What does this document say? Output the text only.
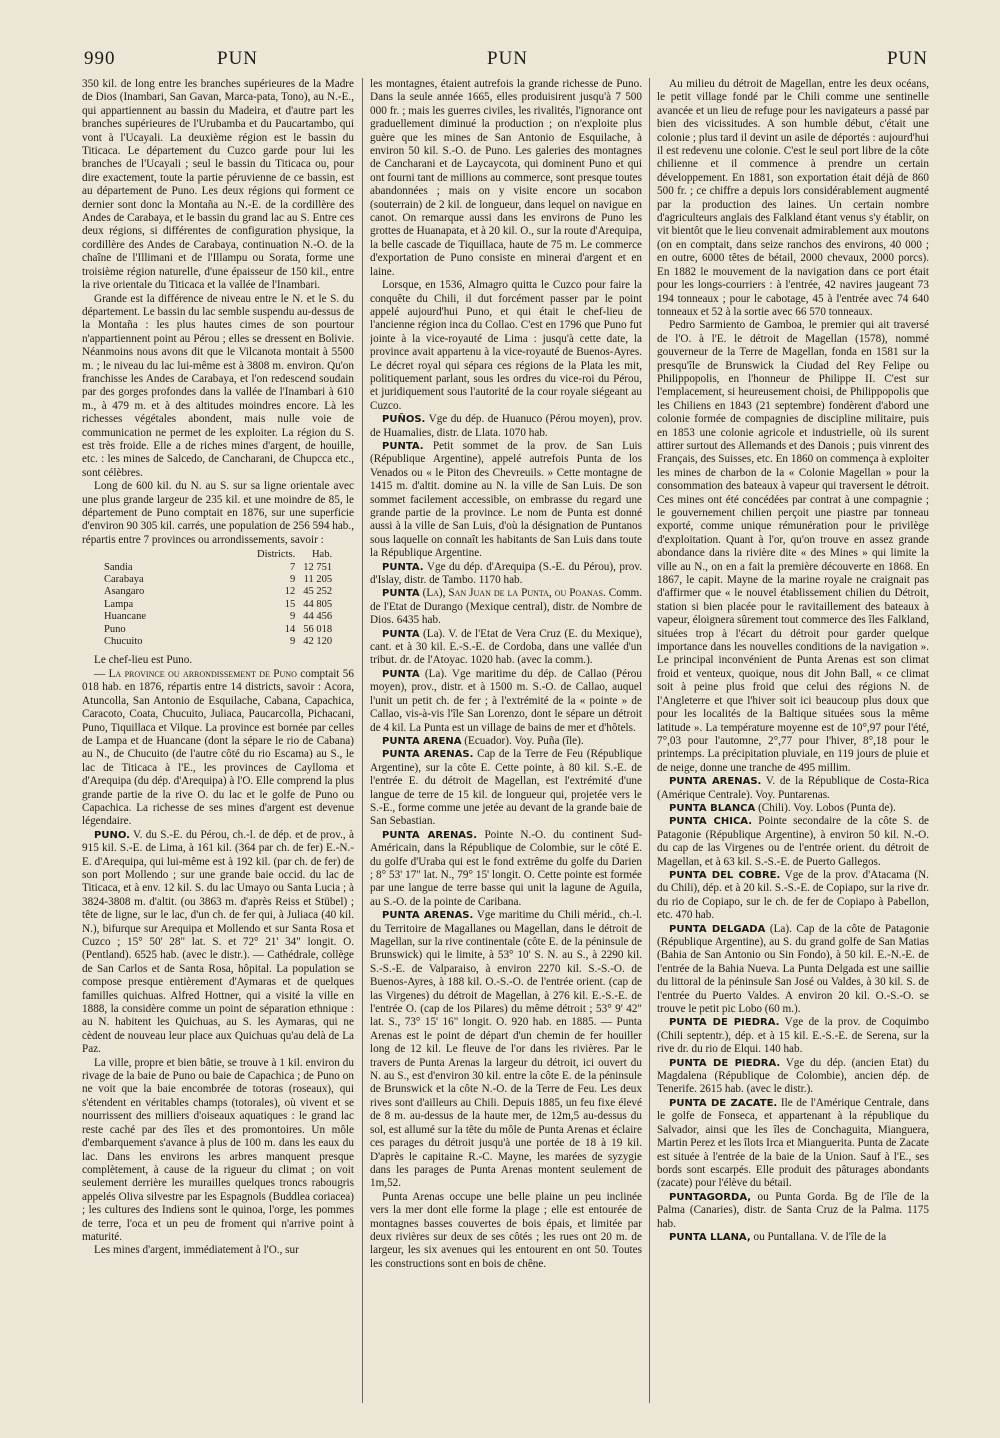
990	PUN	PUN	PUN

350 kil. de long entre les branches supérieures de la Madre de Dios (Inambari, San Gavan, Marca-pata, Tono), au N.-E., qui appartiennent au bassin du Madeira, et d'autre part les branches supérieures de l'Urubamba et du Paucartambo, qui vont à l'Ucayali. La deuxième région est le bassin du Titicaca. Le département du Cuzco garde pour lui les branches de l'Ucayali ; seul le bassin du Titicaca ou, pour dire exactement, toute la partie péruvienne de ce bassin, est au département de Puno. Les deux régions qui forment ce dernier sont donc la Montaña au N.-E. de la cordillère des Andes de Carabaya, et le bassin du grand lac au S. Entre ces deux régions, si différentes de configuration physique, la cordillère des Andes de Carabaya, continuation N.-O. de la chaîne de l'Illimani et de l'Illampu ou Sorata, forme une troisième région naturelle, d'une épaisseur de 150 kil., entre la rive orientale du Titicaca et la vallée de l'Inambari.

Grande est la différence de niveau entre le N. et le S. du département. Le bassin du lac semble suspendu au-dessus de la Montaña : les plus hautes cimes de son pourtour n'appartiennent point au Pérou ; elles se dressent en Bolivie. Néanmoins nous avons dit que le Vilcanota montait à 5500 m. ; le niveau du lac lui-même est à 3808 m. environ. Qu'on franchisse les Andes de Carabaya, et l'on redescend soudain par des gorges profondes dans la vallée de l'Inambari à 610 m., à 479 m. et à des altitudes moindres encore. Là les richesses végétales abondent, mais nulle voie de communication ne permet de les exploiter. La région du S. est très froide. Elle a de riches mines d'argent, de houille, etc. : les mines de Salcedo, de Cancharani, de Chupcca etc., sont célèbres.

Long de 600 kil. du N. au S. sur sa ligne orientale avec une plus grande largeur de 235 kil. et une moindre de 85, le département de Puno comptait en 1876, sur une superficie d'environ 90 305 kil. carrés, une population de 256 594 hab., répartis entre 7 provinces ou arrondissements, savoir :

	Districts.	Hab.
Sandia	7	12 751
Carabaya	9	11 205
Asangaro	12	45 252
Lampa	15	44 805
Huancane	9	44 456
Puno	14	56 018
Chucuito	9	42 120

Le chef-lieu est Puno.

— La province ou arrondissement de Puno comptait 56 018 hab. en 1876, répartis entre 14 districts, savoir : Acora, Atuncolla, San Antonio de Esquilache, Cabana, Capachica, Caracoto, Coata, Chucuito, Juliaca, Paucarcolla, Pichacani, Puno, Tiquillaca et Vilque. La province est bornée par celles de Lampa et de Huancane (dont la sépare le rio de Cabana) au N., de Chucuito (de l'autre côté du rio Escama) au S., le lac de Titicaca à l'E., les provinces de Caylloma et d'Arequipa (du dép. d'Arequipa) à l'O. Elle comprend la plus grande partie de la rive O. du lac et le golfe de Puno ou Capachica. La richesse de ses mines d'argent est devenue légendaire.

PUNO. V. du S.-E. du Pérou, ch.-l. de dép. et de prov., à 915 kil. S.-E. de Lima, à 161 kil. (364 par ch. de fer) E.-N.-E. d'Arequipa, qui lui-même est à 192 kil. (par ch. de fer) de son port Mollendo ; sur une grande baie occid. du lac de Titicaca, et à env. 12 kil. S. du lac Umayo ou Santa Lucia ; à 3824-3808 m. d'altit. (ou 3863 m. d'après Reiss et Stübel) ; tête de ligne, sur le lac, d'un ch. de fer qui, à Juliaca (40 kil. N.), bifurque sur Arequipa et Mollendo et sur Santa Rosa et Cuzco ; 15° 50' 28" lat. S. et 72° 21' 34" longit. O. (Pentland). 6525 hab. (avec le distr.). — Cathédrale, collège de San Carlos et de Santa Rosa, hôpital. La population se compose presque entièrement d'Aymaras et de quelques familles quichuas. Alfred Hottner, qui a visité la ville en 1888, la considère comme un point de séparation ethnique : au N. habitent les Quichuas, au S. les Aymaras, qui ne cèdent de nouveau leur place aux Quichuas qu'au delà de La Paz.

La ville, propre et bien bâtie, se trouve à 1 kil. environ du rivage de la baie de Puno ou baie de Capachica ; de Puno on ne voit que la baie encombrée de totoras (roseaux), qui s'étendent en véritables champs (totorales), où vivent et se nourrissent des milliers d'oiseaux aquatiques : le grand lac reste caché par des îles et des promontoires. Un môle d'embarquement s'avance à plus de 100 m. dans les eaux du lac. Dans les environs les arbres manquent presque complètement, à cause de la rigueur du climat ; on voit seulement derrière les murailles quelques troncs rabougris appelés Oliva silvestre par les Espagnols (Buddlea coriacea) ; les cultures des Indiens sont le quinoa, l'orge, les pommes de terre, l'oca et un peu de froment qui n'arrive point à maturité.

Les mines d'argent, immédiatement à l'O., sur

les montagnes, étaient autrefois la grande richesse de Puno. Dans la seule année 1665, elles produisirent jusqu'à 7 500 000 fr. ; mais les guerres civiles, les rivalités, l'ignorance ont graduellement diminué la production ; on n'exploite plus guère que les mines de San Antonio de Esquilache, à environ 50 kil. S.-O. de Puno. Les galeries des montagnes de Cancharani et de Laycaycota, qui dominent Puno et qui ont fourni tant de millions au commerce, sont presque toutes abandonnées ; mais on y visite encore un socabon (souterrain) de 2 kil. de longueur, dans lequel on navigue en canot. On remarque aussi dans les environs de Puno les grottes de Huanapata, et à 20 kil. O., sur la route d'Arequipa, la belle cascade de Tiquillaca, haute de 75 m. Le commerce d'exportation de Puno consiste en minerai d'argent et en laine.

Lorsque, en 1536, Almagro quitta le Cuzco pour faire la conquête du Chili, il dut forcément passer par le point appelé aujourd'hui Puno, et qui était le chef-lieu de l'ancienne région inca du Collao. C'est en 1796 que Puno fut jointe à la vice-royauté de Lima : jusqu'à cette date, la province avait appartenu à la vice-royauté de Buenos-Ayres. Le décret royal qui sépara ces régions de la Plata les mit, politiquement parlant, sous les ordres du vice-roi du Pérou, et juridiquement sous l'autorité de la cour royale siégeant au Cuzco.

PUÑOS. Vge du dép. de Huanuco (Pérou moyen), prov. de Huamalies, distr. de Llata. 1070 hab.

PUNTA. Petit sommet de la prov. de San Luis (République Argentine), appelé autrefois Punta de los Venados ou « le Piton des Chevreuils. » Cette montagne de 1415 m. d'altit. domine au N. la ville de San Luis. De son sommet facilement accessible, on embrasse du regard une grande partie de la province. Le nom de Punta est donné aussi à la ville de San Luis, d'où la désignation de Puntanos sous laquelle on connaît les habitants de San Luis dans toute la République Argentine.

PUNTA. Vge du dép. d'Arequipa (S.-E. du Pérou), prov. d'Islay, distr. de Tambo. 1170 hab.

PUNTA (La), San Juan de la Punta, ou Poanas. Comm. de l'Etat de Durango (Mexique central), distr. de Nombre de Dios. 6435 hab.

PUNTA (La). V. de l'Etat de Vera Cruz (E. du Mexique), cant. et à 30 kil. E.-S.-E. de Cordoba, dans une vallée d'un tribut. dr. de l'Atoyac. 1020 hab. (avec la comm.).

PUNTA (La). Vge maritime du dép. de Callao (Pérou moyen), prov., distr. et à 1500 m. S.-O. de Callao, auquel l'unit un petit ch. de fer ; à l'extrémité de la « pointe » de Callao, vis-à-vis l'île San Lorenzo, dont le sépare un détroit de 4 kil. La Punta est un village de bains de mer et d'hôtels.

PUNTA ARENA (Ecuador). Voy. Puña (île).

PUNTA ARENAS. Cap de la Terre de Feu (République Argentine), sur la côte E. Cette pointe, à 80 kil. S.-E. de l'entrée E. du détroit de Magellan, est l'extrémité d'une langue de terre de 15 kil. de longueur qui, projetée vers le S.-E., forme comme une jetée au devant de la grande baie de San Sebastian.

PUNTA ARENAS. Pointe N.-O. du continent Sud-Américain, dans la République de Colombie, sur le côté E. du golfe d'Uraba qui est le fond extrême du golfe du Darien ; 8° 53' 17" lat. N., 79° 15' longit. O. Cette pointe est formée par une langue de terre basse qui unit la lagune de Aguila, au S.-O. de la pointe de Caribana.

PUNTA ARENAS. Vge maritime du Chili mérid., ch.-l. du Territoire de Magallanes ou Magellan, dans le détroit de Magellan, sur la rive continentale (côte E. de la péninsule de Brunswick) qui le limite, à 53° 10' S. N. au S., à 2290 kil. S.-S.-E. de Valparaiso, à environ 2270 kil. S.-S.-O. de Buenos-Ayres, à 188 kil. O.-S.-O. de l'entrée orient. (cap de las Virgenes) du détroit de Magellan, à 276 kil. E.-S.-E. de l'entrée O. (cap de los Pilares) du même détroit ; 53° 9' 42" lat. S., 73° 15' 16" longit. O. 920 hab. en 1885. — Punta Arenas est le point de départ d'un chemin de fer houiller long de 12 kil. Le fleuve de l'or dans les rivières. Par le travers de Punta Arenas la largeur du détroit, ici ouvert du N. au S., est d'environ 30 kil. entre la côte E. de la péninsule de Brunswick et la côte N.-O. de la Terre de Feu. Les deux rives sont d'ailleurs au Chili. Depuis 1885, un feu fixe élevé de 8 m. au-dessus de la haute mer, de 12m,5 au-dessus du sol, est allumé sur la tête du môle de Punta Arenas et éclaire ces parages du détroit jusqu'à une portée de 18 à 19 kil. D'après le capitaine R.-C. Mayne, les marées de syzygie dans les parages de Punta Arenas montent seulement de 1m,52.

Punta Arenas occupe une belle plaine un peu inclinée vers la mer dont elle forme la plage ; elle est entourée de montagnes basses couvertes de bois épais, et limitée par deux rivières sur deux de ses côtés ; les rues ont 20 m. de largeur, les six avenues qui les entourent en ont 50. Toutes les constructions sont en bois de chêne.

Au milieu du détroit de Magellan, entre les deux océans, le petit village fondé par le Chili comme une sentinelle avancée et un lieu de refuge pour les navigateurs a passé par bien des vicissitudes. A son humble début, c'était une colonie ; plus tard il devint un asile de déportés : aujourd'hui il est redevenu une colonie. C'est le seul port libre de la côte chilienne et il commence à prendre un certain développement. En 1881, son exportation était déjà de 860 500 fr. ; ce chiffre a depuis lors considérablement augmenté par la production des laines. Un certain nombre d'agriculteurs anglais des Falkland étant venus s'y établir, on vit bientôt que le lieu convenait admirablement aux moutons (on en comptait, dans seize ranchos des environs, 40 000 ; en outre, 6000 têtes de bétail, 2000 chevaux, 2000 porcs). En 1882 le mouvement de la navigation dans ce port était pour les longs-courriers : à l'entrée, 42 navires jaugeant 73 194 tonneaux ; pour le cabotage, 45 à l'entrée avec 74 640 tonneaux et 52 à la sortie avec 66 570 tonneaux.

Pedro Sarmiento de Gamboa, le premier qui ait traversé de l'O. à l'E. le détroit de Magellan (1578), nommé gouverneur de la Terre de Magellan, fonda en 1581 sur la presqu'île de Brunswick la Ciudad del Rey Felipe ou Philippopolis, en l'honneur de Philippe II. C'est sur l'emplacement, si heureusement choisi, de Philippopolis que les Chiliens en 1843 (21 septembre) fondèrent d'abord une colonie formée de compagnies de discipline militaire, puis en 1853 une colonie agricole et industrielle, où ils surent attirer surtout des Allemands et des Danois ; puis vinrent des Français, des Suisses, etc. En 1860 on commença à exploiter les mines de charbon de la « Colonie Magellan » pour la consommation des bateaux à vapeur qui traversent le détroit. Ces mines ont été concédées par contrat à une compagnie ; le gouvernement chilien perçoit une piastre par tonneau exporté, comme unique rémunération pour le privilège d'exploitation. Quant à l'or, qu'on trouve en assez grande abondance dans la rivière dite « des Mines » qui limite la ville au N., on en a fait la première découverte en 1868. En 1867, le capit. Mayne de la marine royale ne craignait pas d'affirmer que « le nouvel établissement chilien du Détroit, station si bien placée pour le ravitaillement des bateaux à vapeur, éloignera sûrement tout commerce des îles Falkland, situées trop à l'écart du détroit pour garder quelque importance dans les nouvelles conditions de la navigation ». Le principal inconvénient de Punta Arenas est son climat froid et venteux, quoique, nous dit John Ball, « ce climat soit à peine plus froid que celui des régions N. de l'Angleterre et que l'hiver soit ici beaucoup plus doux que pour les localités de la Baltique situées sous la même latitude ». La température moyenne est de 10°,97 pour l'été, 7°,03 pour l'automne, 2°,77 pour l'hiver, 8°,18 pour le printemps. La précipitation pluviale, en 119 jours de pluie et de neige, donne une tranche de 495 millim.

PUNTA ARENAS. V. de la République de Costa-Rica (Amérique Centrale). Voy. Puntarenas.

PUNTA BLANCA (Chili). Voy. Lobos (Punta de).

PUNTA CHICA. Pointe secondaire de la côte S. de Patagonie (République Argentine), à environ 50 kil. N.-O. du cap de las Virgenes ou de l'entrée orient. du détroit de Magellan, et à 63 kil. S.-S.-E. de Puerto Gallegos.

PUNTA DEL COBRE. Vge de la prov. d'Atacama (N. du Chili), dép. et à 20 kil. S.-S.-E. de Copiapo, sur la rive dr. du rio de Copiapo, sur le ch. de fer de Copiapo à Pabellon, etc. 470 hab.

PUNTA DELGADA (La). Cap de la côte de Patagonie (République Argentine), au S. du grand golfe de San Matias (Bahia de San Antonio ou Sin Fondo), à 50 kil. E.-N.-E. de l'entrée de la Bahia Nueva. La Punta Delgada est une saillie du littoral de la péninsule San José ou Valdes, à 30 kil. S. de l'entrée du Puerto Valdes. A environ 20 kil. O.-S.-O. se trouve le petit pic Lobo (60 m.).

PUNTA DE PIEDRA. Vge de la prov. de Coquimbo (Chili septentr.), dép. et à 15 kil. E.-S.-E. de Serena, sur la rive dr. du rio de Elqui. 140 hab.

PUNTA DE PIEDRA. Vge du dép. (ancien Etat) du Magdalena (République de Colombie), ancien dép. de Tenerife. 2615 hab. (avec le distr.).

PUNTA DE ZACATE. Ile de l'Amérique Centrale, dans le golfe de Fonseca, et appartenant à la république du Salvador, ainsi que les îles de Conchaguita, Mianguera, Martin Perez et les îlots Irca et Mianguerita. Punta de Zacate est située à l'entrée de la baie de la Union. Sauf à l'E., ses bords sont escarpés. Elle produit des pâturages abondants (zacate) pour l'élève du bétail.

PUNTAGORDA, ou Punta Gorda. Bg de l'île de la Palma (Canaries), distr. de Santa Cruz de la Palma. 1175 hab.

PUNTA LLANA, ou Puntallana. V. de l'île de la
